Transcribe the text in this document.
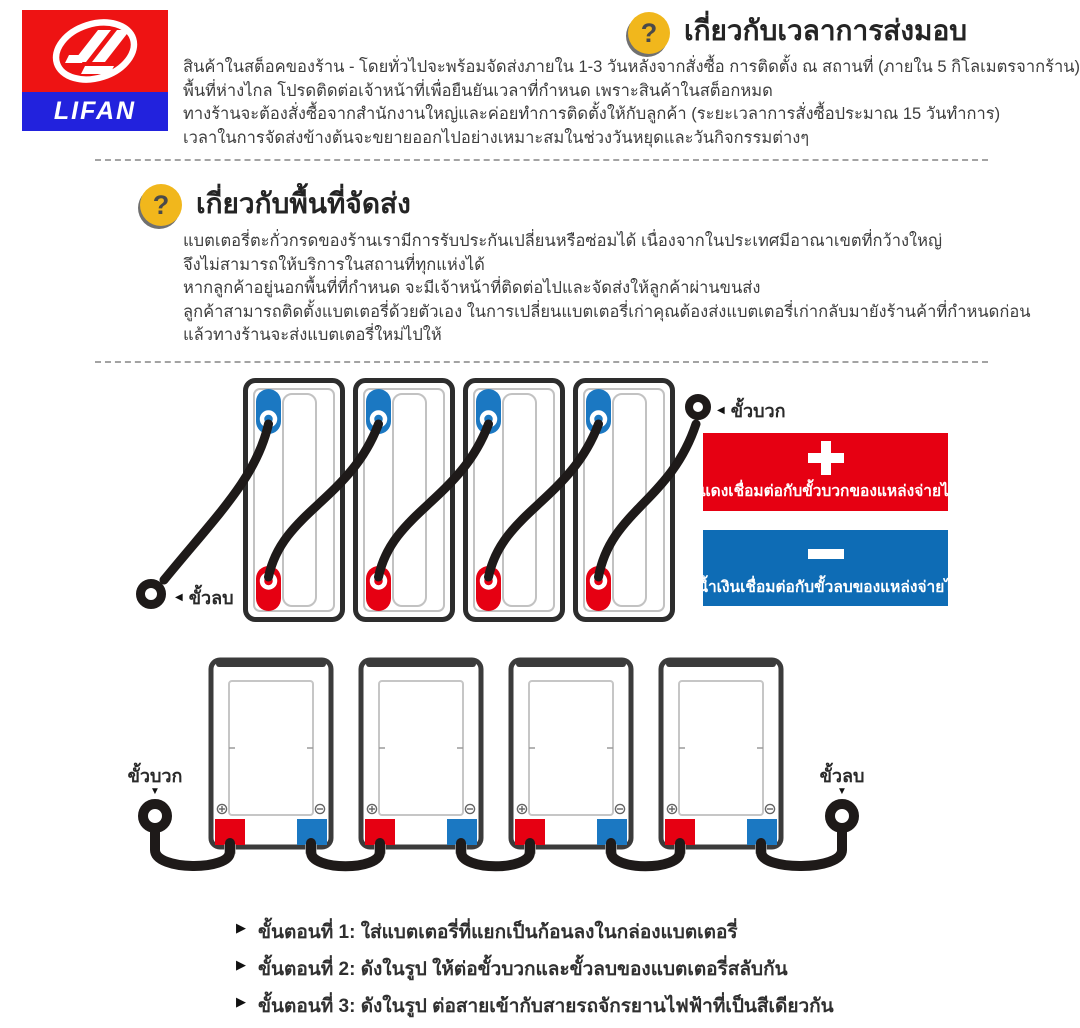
LIFAN
? เกี่ยวกับเวลาการส่งมอบ
สินค้าในสต็อคของร้าน - โดยทั่วไปจะพร้อมจัดส่งภายใน 1-3 วันหลังจากสั่งซื้อ การติดตั้ง ณ สถานที่ (ภายใน 5 กิโลเมตรจากร้าน)
พื้นที่ห่างไกล โปรดติดต่อเจ้าหน้าที่เพื่อยืนยันเวลาที่กำหนด เพราะสินค้าในสต็อกหมด
ทางร้านจะต้องสั่งซื้อจากสำนักงานใหญ่และค่อยทำการติดตั้งให้กับลูกค้า (ระยะเวลาการสั่งซื้อประมาณ 15 วันทำการ)
เวลาในการจัดส่งข้างต้นจะขยายออกไปอย่างเหมาะสมในช่วงวันหยุดและวันกิจกรรมต่างๆ
? เกี่ยวกับพื้นที่จัดส่ง
แบตเตอรี่ตะกั่วกรดของร้านเรามีการรับประกันเปลี่ยนหรือซ่อมได้ เนื่องจากในประเทศมีอาณาเขตที่กว้างใหญ่
จึงไม่สามารถให้บริการในสถานที่ทุกแห่งได้
หากลูกค้าอยู่นอกพื้นที่ที่กำหนด จะมีเจ้าหน้าที่ติดต่อไปและจัดส่งให้ลูกค้าผ่านขนส่ง
ลูกค้าสามารถติดตั้งแบตเตอรี่ด้วยตัวเอง ในการเปลี่ยนแบตเตอรี่เก่าคุณต้องส่งแบตเตอรี่เก่ากลับมายังร้านค้าที่กำหนดก่อน
แล้วทางร้านจะส่งแบตเตอรี่ใหม่ไปให้
◀ ขั้วบวก
◀ ขั้วลบ
สีแดงเชื่อมต่อกับขั้วบวกของแหล่งจ่ายไฟ
สีน้ำเงินเชื่อมต่อกับขั้วลบของแหล่งจ่ายไฟ
ขั้วบวก
▼
ขั้วลบ
▼
▶ ขั้นตอนที่ 1: ใส่แบตเตอรี่ที่แยกเป็นก้อนลงในกล่องแบตเตอรี่
▶ ขั้นตอนที่ 2: ดังในรูป ให้ต่อขั้วบวกและขั้วลบของแบตเตอรี่สลับกัน
▶ ขั้นตอนที่ 3: ดังในรูป ต่อสายเข้ากับสายรถจักรยานไฟฟ้าที่เป็นสีเดียวกัน
